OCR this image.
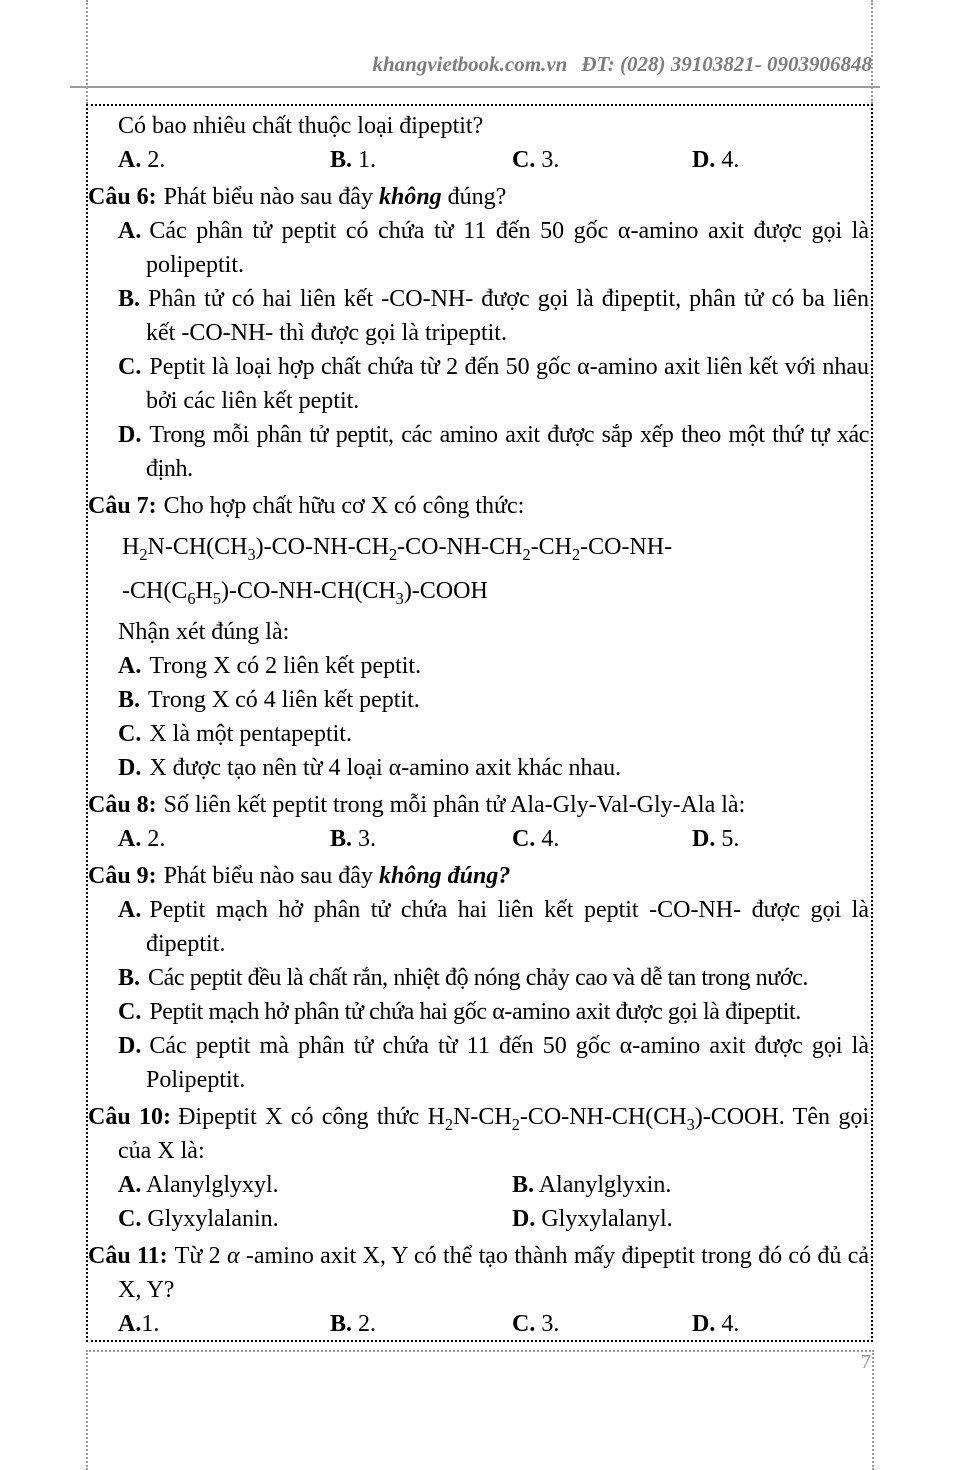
khangvietbook.com.vn ĐT: (028) 39103821- 0903906848
Có bao nhiêu chất thuộc loại đipeptit?
A. 2.	B. 1.	C. 3.	D. 4.
Câu 6: Phát biểu nào sau đây không đúng?
A. Các phân tử peptit có chứa từ 11 đến 50 gốc α-amino axit được gọi là polipeptit.
B. Phân tử có hai liên kết -CO-NH- được gọi là đipeptit, phân tử có ba liên kết -CO-NH- thì được gọi là tripeptit.
C. Peptit là loại hợp chất chứa từ 2 đến 50 gốc α-amino axit liên kết với nhau bởi các liên kết peptit.
D. Trong mỗi phân tử peptit, các amino axit được sắp xếp theo một thứ tự xác định.
Câu 7: Cho hợp chất hữu cơ X có công thức:
$H_2N-CH(CH_3)-CO-NH-CH_2-CO-NH-CH_2-CH_2-CO-NH-$
$-CH(C_6H_5)-CO-NH-CH(CH_3)$-COOH
Nhận xét đúng là:
A. Trong X có 2 liên kết peptit.
B. Trong X có 4 liên kết peptit.
C. X là một pentapeptit.
D. X được tạo nên từ 4 loại α-amino axit khác nhau.
Câu 8: Số liên kết peptit trong mỗi phân tử Ala-Gly-Val-Gly-Ala là:
A. 2.	B. 3.	C. 4.	D. 5.
Câu 9: Phát biểu nào sau đây không đúng?
A. Peptit mạch hở phân tử chứa hai liên kết peptit -CO-NH- được gọi là đipeptit.
B. Các peptit đều là chất rắn, nhiệt độ nóng chảy cao và dễ tan trong nước.
C. Peptit mạch hở phân tử chứa hai gốc α-amino axit được gọi là đipeptit.
D. Các peptit mà phân tử chứa từ 11 đến 50 gốc α-amino axit được gọi là Polipeptit.
Câu 10: Đipeptit X có công thức $H_2N-CH_2-CO-NH-CH(CH_3)$-COOH. Tên gọi của X là:
A. Alanylglyxyl.	B. Alanylglyxin.
C. Glyxylalanin.	D. Glyxylalanyl.
Câu 11: Từ 2 α -amino axit X, Y có thể tạo thành mấy đipeptit trong đó có đủ cả X, Y?
A.1.	B. 2.	C. 3.	D. 4.
7
